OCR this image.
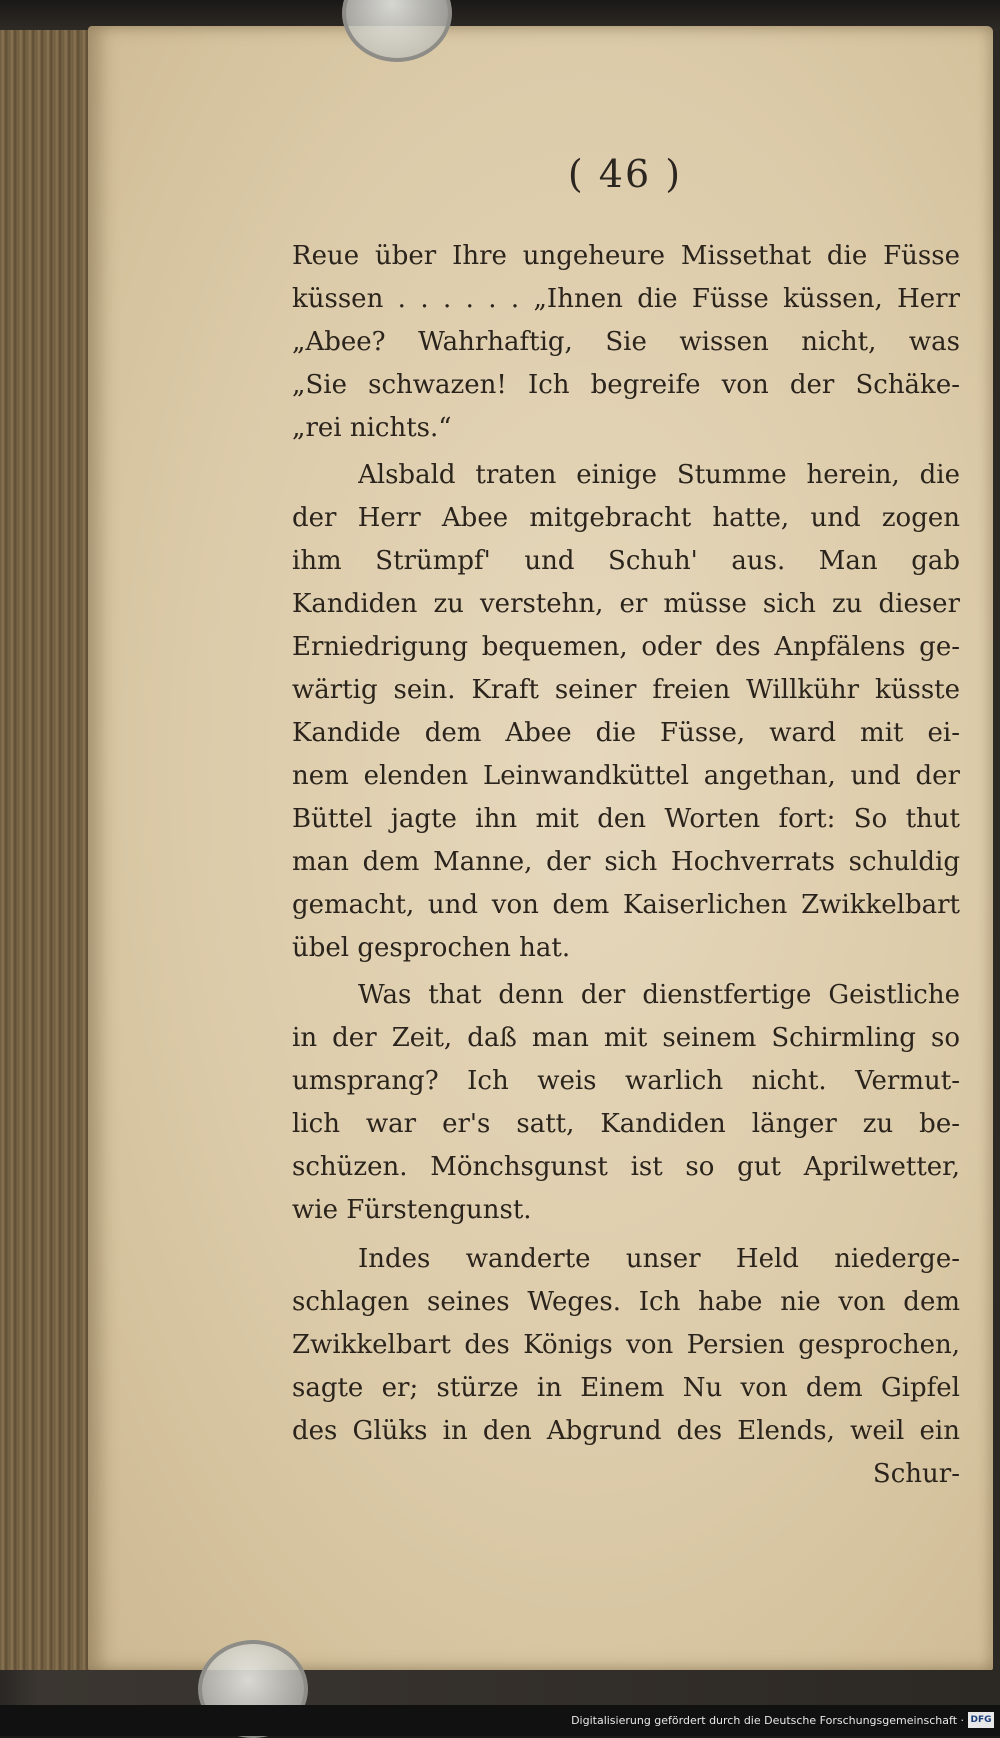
( 46 )
Reue über Ihre ungeheure Missethat die Füsse
küssen . . . . . . „Ihnen die Füsse küssen, Herr
„Abee? Wahrhaftig, Sie wissen nicht, was
„Sie schwazen! Ich begreife von der Schäke-
„rei nichts.“
Alsbald traten einige Stumme herein, die
der Herr Abee mitgebracht hatte, und zogen
ihm Strümpf' und Schuh' aus. Man gab
Kandiden zu verstehn, er müsse sich zu dieser
Erniedrigung bequemen, oder des Anpfälens ge-
wärtig sein. Kraft seiner freien Willkühr küsste
Kandide dem Abee die Füsse, ward mit ei-
nem elenden Leinwandküttel angethan, und der
Büttel jagte ihn mit den Worten fort: So thut
man dem Manne, der sich Hochverrats schuldig
gemacht, und von dem Kaiserlichen Zwikkelbart
übel gesprochen hat.
Was that denn der dienstfertige Geistliche
in der Zeit, daß man mit seinem Schirmling so
umsprang? Ich weis warlich nicht. Vermut-
lich war er's satt, Kandiden länger zu be-
schüzen. Mönchsgunst ist so gut Aprilwetter,
wie Fürstengunst.
Indes wanderte unser Held niederge-
schlagen seines Weges. Ich habe nie von dem
Zwikkelbart des Königs von Persien gesprochen,
sagte er; stürze in Einem Nu von dem Gipfel
des Glüks in den Abgrund des Elends, weil ein
Schur-
Digitalisierung gefördert durch die Deutsche Forschungsgemeinschaft · DFG
